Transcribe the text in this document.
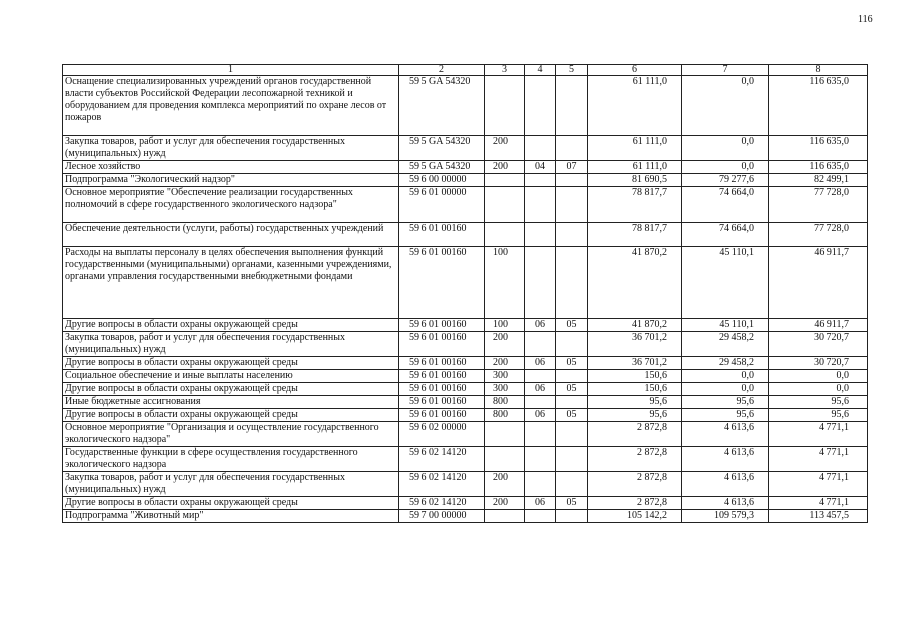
116
1	2	3	4	5	6	7	8
Оснащение специализированных учреждений органов государственной власти субъектов Российской Федерации лесопожарной техникой и оборудованием для проведения комплекса мероприятий по охране лесов от пожаров	59 5 GA 54320				61 111,0	0,0	116 635,0
Закупка товаров, работ и услуг для обеспечения государственных (муниципальных) нужд	59 5 GA 54320	200			61 111,0	0,0	116 635,0
Лесное хозяйство	59 5 GA 54320	200	04	07	61 111,0	0,0	116 635,0
Подпрограмма "Экологический надзор"	59 6 00 00000				81 690,5	79 277,6	82 499,1
Основное мероприятие "Обеспечение реализации государственных полномочий в сфере государственного экологического надзора"	59 6 01 00000				78 817,7	74 664,0	77 728,0
Обеспечение деятельности (услуги, работы) государственных учреждений	59 6 01 00160				78 817,7	74 664,0	77 728,0
Расходы на выплаты персоналу в целях обеспечения выполнения функций государственными (муниципальными) органами, казенными учреждениями, органами управления государственными внебюджетными фондами	59 6 01 00160	100			41 870,2	45 110,1	46 911,7
Другие вопросы в области охраны окружающей среды	59 6 01 00160	100	06	05	41 870,2	45 110,1	46 911,7
Закупка товаров, работ и услуг для обеспечения государственных (муниципальных) нужд	59 6 01 00160	200			36 701,2	29 458,2	30 720,7
Другие вопросы в области охраны окружающей среды	59 6 01 00160	200	06	05	36 701,2	29 458,2	30 720,7
Социальное обеспечение и иные выплаты населению	59 6 01 00160	300			150,6	0,0	0,0
Другие вопросы в области охраны окружающей среды	59 6 01 00160	300	06	05	150,6	0,0	0,0
Иные бюджетные ассигнования	59 6 01 00160	800			95,6	95,6	95,6
Другие вопросы в области охраны окружающей среды	59 6 01 00160	800	06	05	95,6	95,6	95,6
Основное мероприятие "Организация и осуществление государственного экологического надзора"	59 6 02 00000				2 872,8	4 613,6	4 771,1
Государственные функции в сфере осуществления государственного экологического надзора	59 6 02 14120				2 872,8	4 613,6	4 771,1
Закупка товаров, работ и услуг для обеспечения государственных (муниципальных) нужд	59 6 02 14120	200			2 872,8	4 613,6	4 771,1
Другие вопросы в области охраны окружающей среды	59 6 02 14120	200	06	05	2 872,8	4 613,6	4 771,1
Подпрограмма "Животный мир"	59 7 00 00000				105 142,2	109 579,3	113 457,5
